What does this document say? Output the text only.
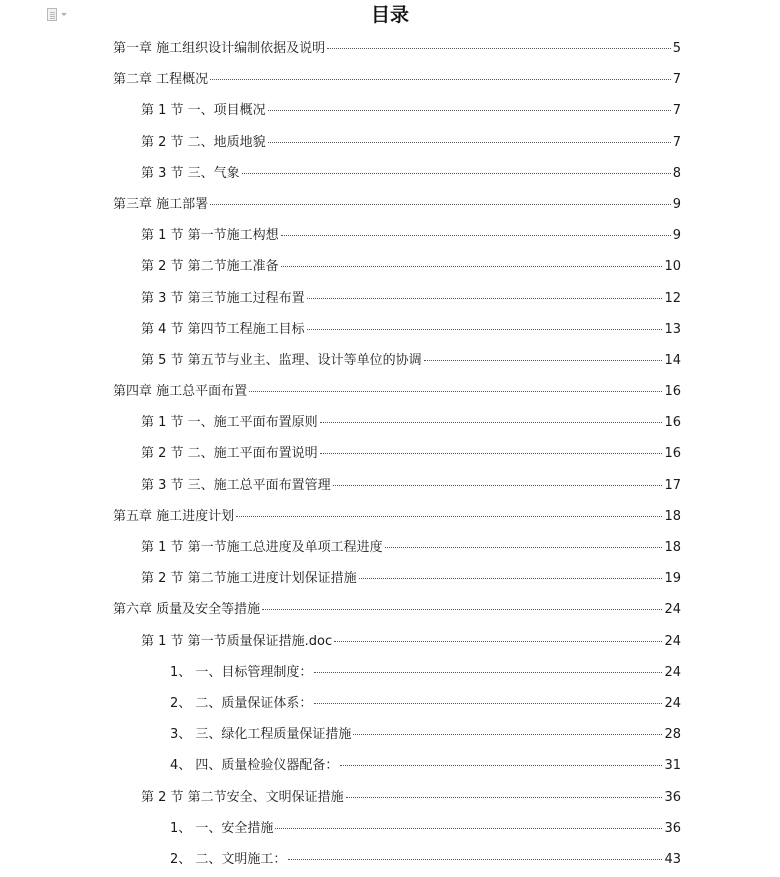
目录
第一章 施工组织设计编制依据及说明	5
第二章 工程概况	7
第 1 节 一、项目概况	7
第 2 节 二、地质地貌	7
第 3 节 三、气象	8
第三章 施工部署	9
第 1 节 第一节施工构想	9
第 2 节 第二节施工准备	10
第 3 节 第三节施工过程布置	12
第 4 节 第四节工程施工目标	13
第 5 节 第五节与业主、监理、设计等单位的协调	14
第四章 施工总平面布置	16
第 1 节 一、施工平面布置原则	16
第 2 节 二、施工平面布置说明	16
第 3 节 三、施工总平面布置管理	17
第五章 施工进度计划	18
第 1 节 第一节施工总进度及单项工程进度	18
第 2 节 第二节施工进度计划保证措施	19
第六章 质量及安全等措施	24
第 1 节 第一节质量保证措施.doc	24
1、 一、目标管理制度：	24
2、 二、质量保证体系：	24
3、 三、绿化工程质量保证措施	28
4、 四、质量检验仪器配备：	31
第 2 节 第二节安全、文明保证措施	36
1、 一、安全措施	36
2、 二、文明施工：	43
